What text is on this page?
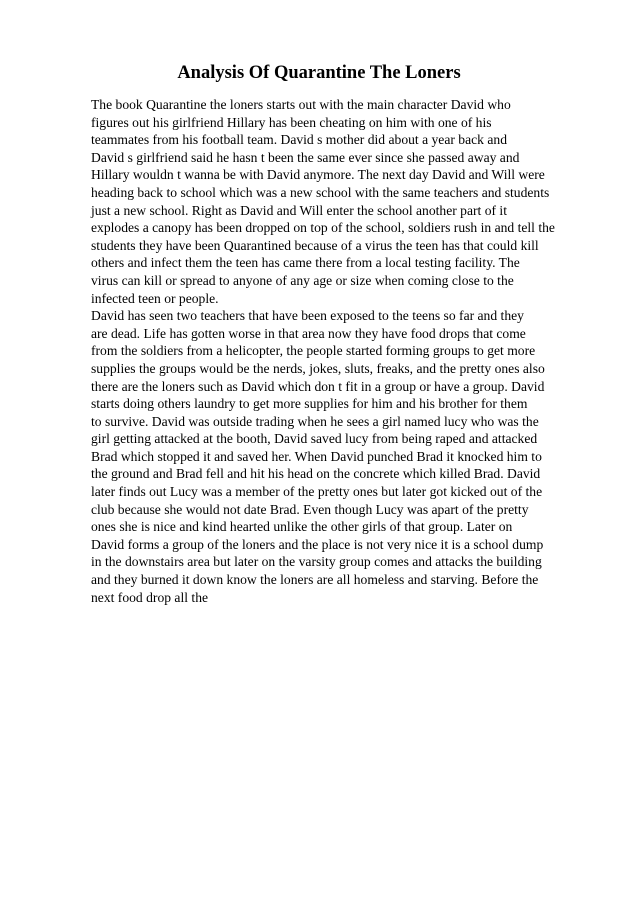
Analysis Of Quarantine The Loners
The book Quarantine the loners starts out with the main character David who
figures out his girlfriend Hillary has been cheating on him with one of his
teammates from his football team. David s mother did about a year back and
David s girlfriend said he hasn t been the same ever since she passed away and
Hillary wouldn t wanna be with David anymore. The next day David and Will were
heading back to school which was a new school with the same teachers and students
just a new school. Right as David and Will enter the school another part of it
explodes a canopy has been dropped on top of the school, soldiers rush in and tell the
students they have been Quarantined because of a virus the teen has that could kill
others and infect them the teen has came there from a local testing facility. The
virus can kill or spread to anyone of any age or size when coming close to the
infected teen or people.
David has seen two teachers that have been exposed to the teens so far and they
are dead. Life has gotten worse in that area now they have food drops that come
from the soldiers from a helicopter, the people started forming groups to get more
supplies the groups would be the nerds, jokes, sluts, freaks, and the pretty ones also
there are the loners such as David which don t fit in a group or have a group. David
starts doing others laundry to get more supplies for him and his brother for them
to survive. David was outside trading when he sees a girl named lucy who was the
girl getting attacked at the booth, David saved lucy from being raped and attacked
Brad which stopped it and saved her. When David punched Brad it knocked him to
the ground and Brad fell and hit his head on the concrete which killed Brad. David
later finds out Lucy was a member of the pretty ones but later got kicked out of the
club because she would not date Brad. Even though Lucy was apart of the pretty
ones she is nice and kind hearted unlike the other girls of that group. Later on
David forms a group of the loners and the place is not very nice it is a school dump
in the downstairs area but later on the varsity group comes and attacks the building
and they burned it down know the loners are all homeless and starving. Before the
next food drop all the
